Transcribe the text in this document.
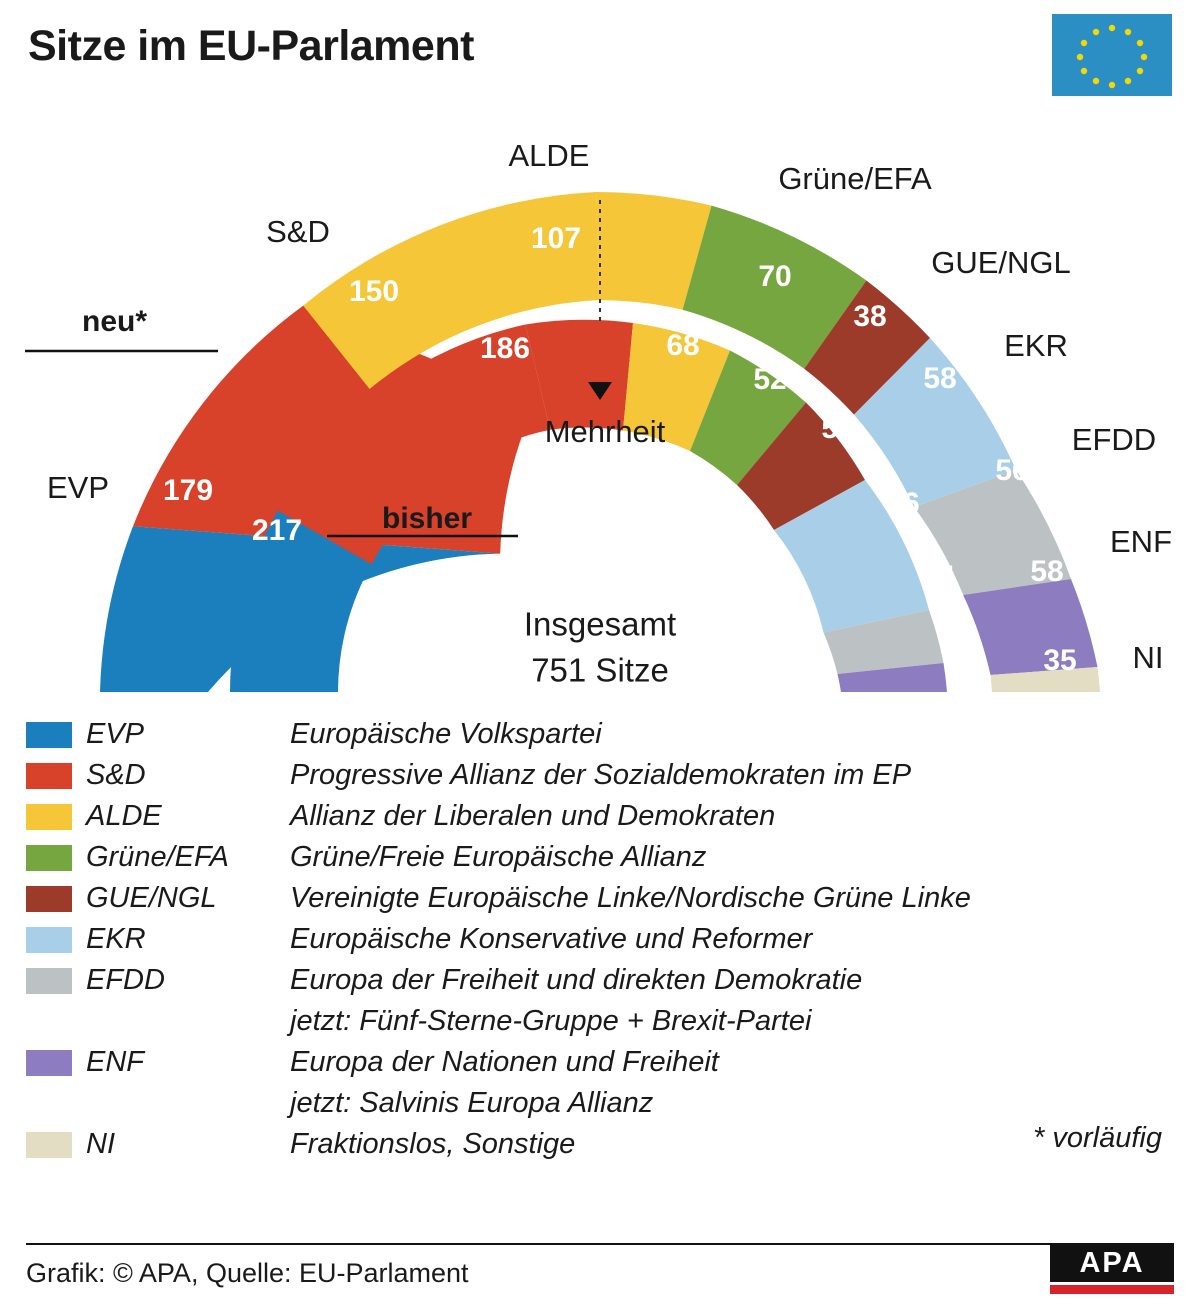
Sitze im EU-Parlament
179
150
107
70
38
58
56
58
35
217
186	68
52
52
76
41
37
EVP
S&D
ALDE
Grüne/EFA
GUE/NGL
EKR
EFDD
ENF
NI
neu*
bisher
Mehrheit
Insgesamt
751 Sitze
EVP	Europäische Volkspartei
S&D	Progressive Allianz der Sozialdemokraten im EP
ALDE	Allianz der Liberalen und Demokraten
Grüne/EFA Grüne/Freie Europäische Allianz
GUE/NGL	Vereinigte Europäische Linke/Nordische Grüne Linke
EKR	Europäische Konservative und Reformer
EFDD	Europa der Freiheit und direkten Demokratie
jetzt: Fünf-Sterne-Gruppe + Brexit-Partei
ENF	Europa der Nationen und Freiheit
jetzt: Salvinis Europa Allianz
NI	Fraktionslos, Sonstige	* vorläufig
Grafik: © APA, Quelle: EU-Parlament	APA
